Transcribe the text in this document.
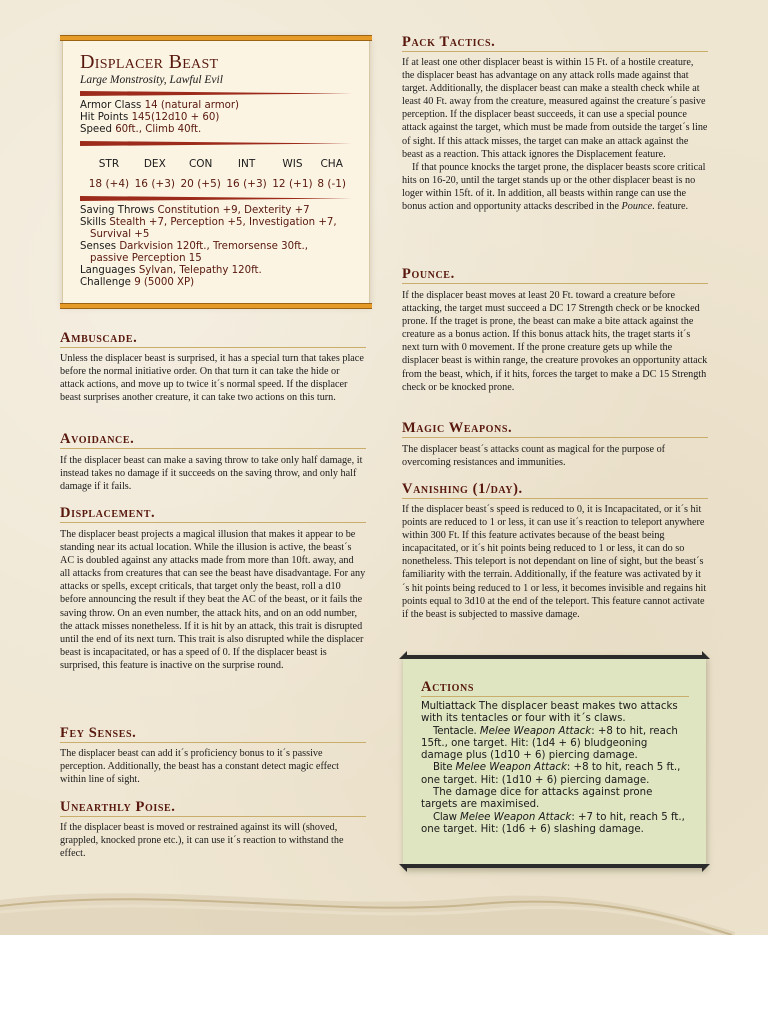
Displacer Beast
Large Monstrosity, Lawful Evil
Armor Class 14 (natural armor)
Hit Points 145(12d10 + 60)
Speed 60ft., Climb 40ft.
STR	DEX	CON	INT	WIS	CHA
18 (+4)	16 (+3)	20 (+5)	16 (+3)	12 (+1)	8 (-1)
Saving Throws Constitution +9, Dexterity +7
Skills Stealth +7, Perception +5, Investigation +7,
Survival +5
Senses Darkvision 120ft., Tremorsense 30ft.,
passive Perception 15
Languages Sylvan, Telepathy 120ft.
Challenge 9 (5000 XP)
Ambuscade.

Unless the displacer beast is surprised, it has a special turn that takes place before the normal initiative order. On that turn it can take the hide or attack actions, and move up to twice it´s normal speed. If the displacer beast surprises another creature, it can take two actions on this turn.

Avoidance.

If the displacer beast can make a saving throw to take only half damage, it instead takes no damage if it succeeds on the saving throw, and only half damage if it fails.

Displacement.

The displacer beast projects a magical illusion that makes it appear to be standing near its actual location. While the illusion is active, the beast´s AC is doubled against any attacks made from more than 10ft. away, and all attacks from creatures that can see the beast have disadvantage. For any attacks or spells, except criticals, that target only the beast, roll a d10 before announcing the result if they beat the AC of the beast, or it fails the saving throw. On an even number, the attack hits, and on an odd number, the attack misses nonetheless. If it is hit by an attack, this trait is disrupted until the end of its next turn. This trait is also disrupted while the displacer beast is incapacitated, or has a speed of 0. If the displacer beast is surprised, this feature is inactive on the surprise round.

Fey Senses.

The displacer beast can add it´s proficiency bonus to it´s passive perception. Additionally, the beast has a constant detect magic effect within line of sight.

Unearthly Poise.

If the displacer beast is moved or restrained against its will (shoved, grappled, knocked prone etc.), it can use it´s reaction to withstand the effect.

Pack Tactics.

If at least one other displacer beast is within 15 Ft. of a hostile creature, the displacer beast has advantage on any attack rolls made against that target. Additionally, the displacer beast can make a stealth check while at least 40 Ft. away from the creature, measured against the creature´s pasive perception. If the displacer beast succeeds, it can use a special pounce attack against the target, which must be made from outside the target´s line of sight. If this attack misses, the target can make an attack against the beast as a reaction. This attack ignores the Displacement feature.

If that pounce knocks the target prone, the displacer beasts score critical hits on 16-20, until the target stands up or the other displacer beast is no loger within 15ft. of it. In addition, all beasts within range can use the bonus action and opportunity attacks described in the Pounce. feature.

Pounce.

If the displacer beast moves at least 20 Ft. toward a creature before attacking, the target must succeed a DC 17 Strength check or be knocked prone. If the traget is prone, the beast can make a bite attack against the creature as a bonus action. If this bonus attack hits, the traget starts it´s next turn with 0 movement. If the prone creature gets up while the displacer beast is within range, the creature provokes an opportunity attack from the beast, which, if it hits, forces the target to make a DC 15 Strength check or be knocked prone.

Magic Weapons.

The displacer beast´s attacks count as magical for the purpose of overcoming resistances and immunities.

Vanishing (1/day).

If the displacer beast´s speed is reduced to 0, it is Incapacitated, or it´s hit points are reduced to 1 or less, it can use it´s reaction to teleport anywhere within 300 Ft. If this feature activates because of the beast being incapacitated, or it´s hit points being reduced to 1 or less, it can do so nonetheless. This teleport is not dependant on line of sight, but the beast´s familiarity with the terrain. Additionally, if the feature was activated by it´s hit points being reduced to 1 or less, it becomes invisible and regains hit points equal to 3d10 at the end of the teleport. This feature cannot activate if the beast is subjected to massive damage.

Actions

Multiattack The displacer beast makes two attacks with its tentacles or four with it´s claws.

Tentacle. Melee Weapon Attack: +8 to hit, reach 15ft., one target. Hit: (1d4 + 6) bludgeoning damage plus (1d10 + 6) piercing damage.

Bite Melee Weapon Attack: +8 to hit, reach 5 ft., one target. Hit: (1d10 + 6) piercing damage.

The damage dice for attacks against prone targets are maximised.

Claw Melee Weapon Attack: +7 to hit, reach 5 ft., one target. Hit: (1d6 + 6) slashing damage.
